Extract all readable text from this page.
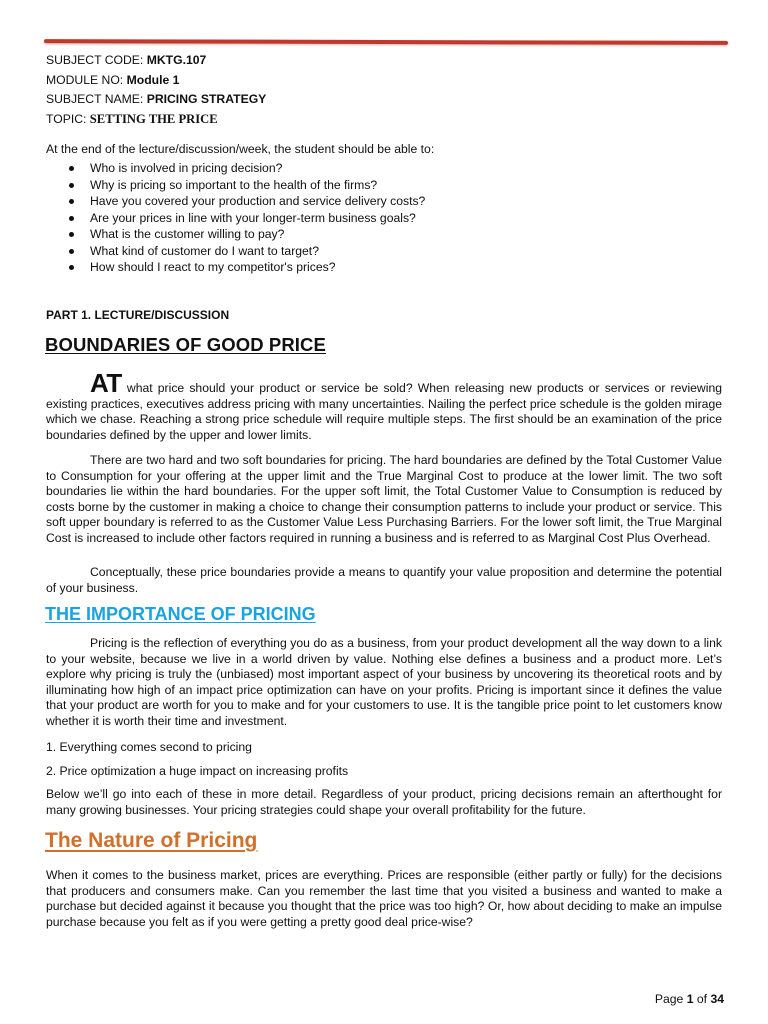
SUBJECT CODE: MKTG.107
MODULE NO: Module 1
SUBJECT NAME: PRICING STRATEGY
TOPIC: SETTING THE PRICE

At the end of the lecture/discussion/week, the student should be able to:

Who is involved in pricing decision?
Why is pricing so important to the health of the firms?
Have you covered your production and service delivery costs?
Are your prices in line with your longer-term business goals?
What is the customer willing to pay?
What kind of customer do I want to target?
How should I react to my competitor's prices?
PART 1. LECTURE/DISCUSSION
BOUNDARIES OF GOOD PRICE
AT what price should your product or service be sold? When releasing new products or services or reviewing existing practices, executives address pricing with many uncertainties. Nailing the perfect price schedule is the golden mirage which we chase. Reaching a strong price schedule will require multiple steps. The first should be an examination of the price boundaries defined by the upper and lower limits.

There are two hard and two soft boundaries for pricing. The hard boundaries are defined by the Total Customer Value to Consumption for your offering at the upper limit and the True Marginal Cost to produce at the lower limit. The two soft boundaries lie within the hard boundaries. For the upper soft limit, the Total Customer Value to Consumption is reduced by costs borne by the customer in making a choice to change their consumption patterns to include your product or service. This soft upper boundary is referred to as the Customer Value Less Purchasing Barriers. For the lower soft limit, the True Marginal Cost is increased to include other factors required in running a business and is referred to as Marginal Cost Plus Overhead.

Conceptually, these price boundaries provide a means to quantify your value proposition and determine the potential of your business.

THE IMPORTANCE OF PRICING

Pricing is the reflection of everything you do as a business, from your product development all the way down to a link to your website, because we live in a world driven by value. Nothing else defines a business and a product more. Let’s explore why pricing is truly the (unbiased) most important aspect of your business by uncovering its theoretical roots and by illuminating how high of an impact price optimization can have on your profits. Pricing is important since it defines the value that your product are worth for you to make and for your customers to use. It is the tangible price point to let customers know whether it is worth their time and investment.

1. Everything comes second to pricing
2. Price optimization a huge impact on increasing profits

Below we’ll go into each of these in more detail. Regardless of your product, pricing decisions remain an afterthought for many growing businesses. Your pricing strategies could shape your overall profitability for the future.

The Nature of Pricing

When it comes to the business market, prices are everything. Prices are responsible (either partly or fully) for the decisions that producers and consumers make. Can you remember the last time that you visited a business and wanted to make a purchase but decided against it because you thought that the price was too high? Or, how about deciding to make an impulse purchase because you felt as if you were getting a pretty good deal price-wise?

Page 1 of 34
